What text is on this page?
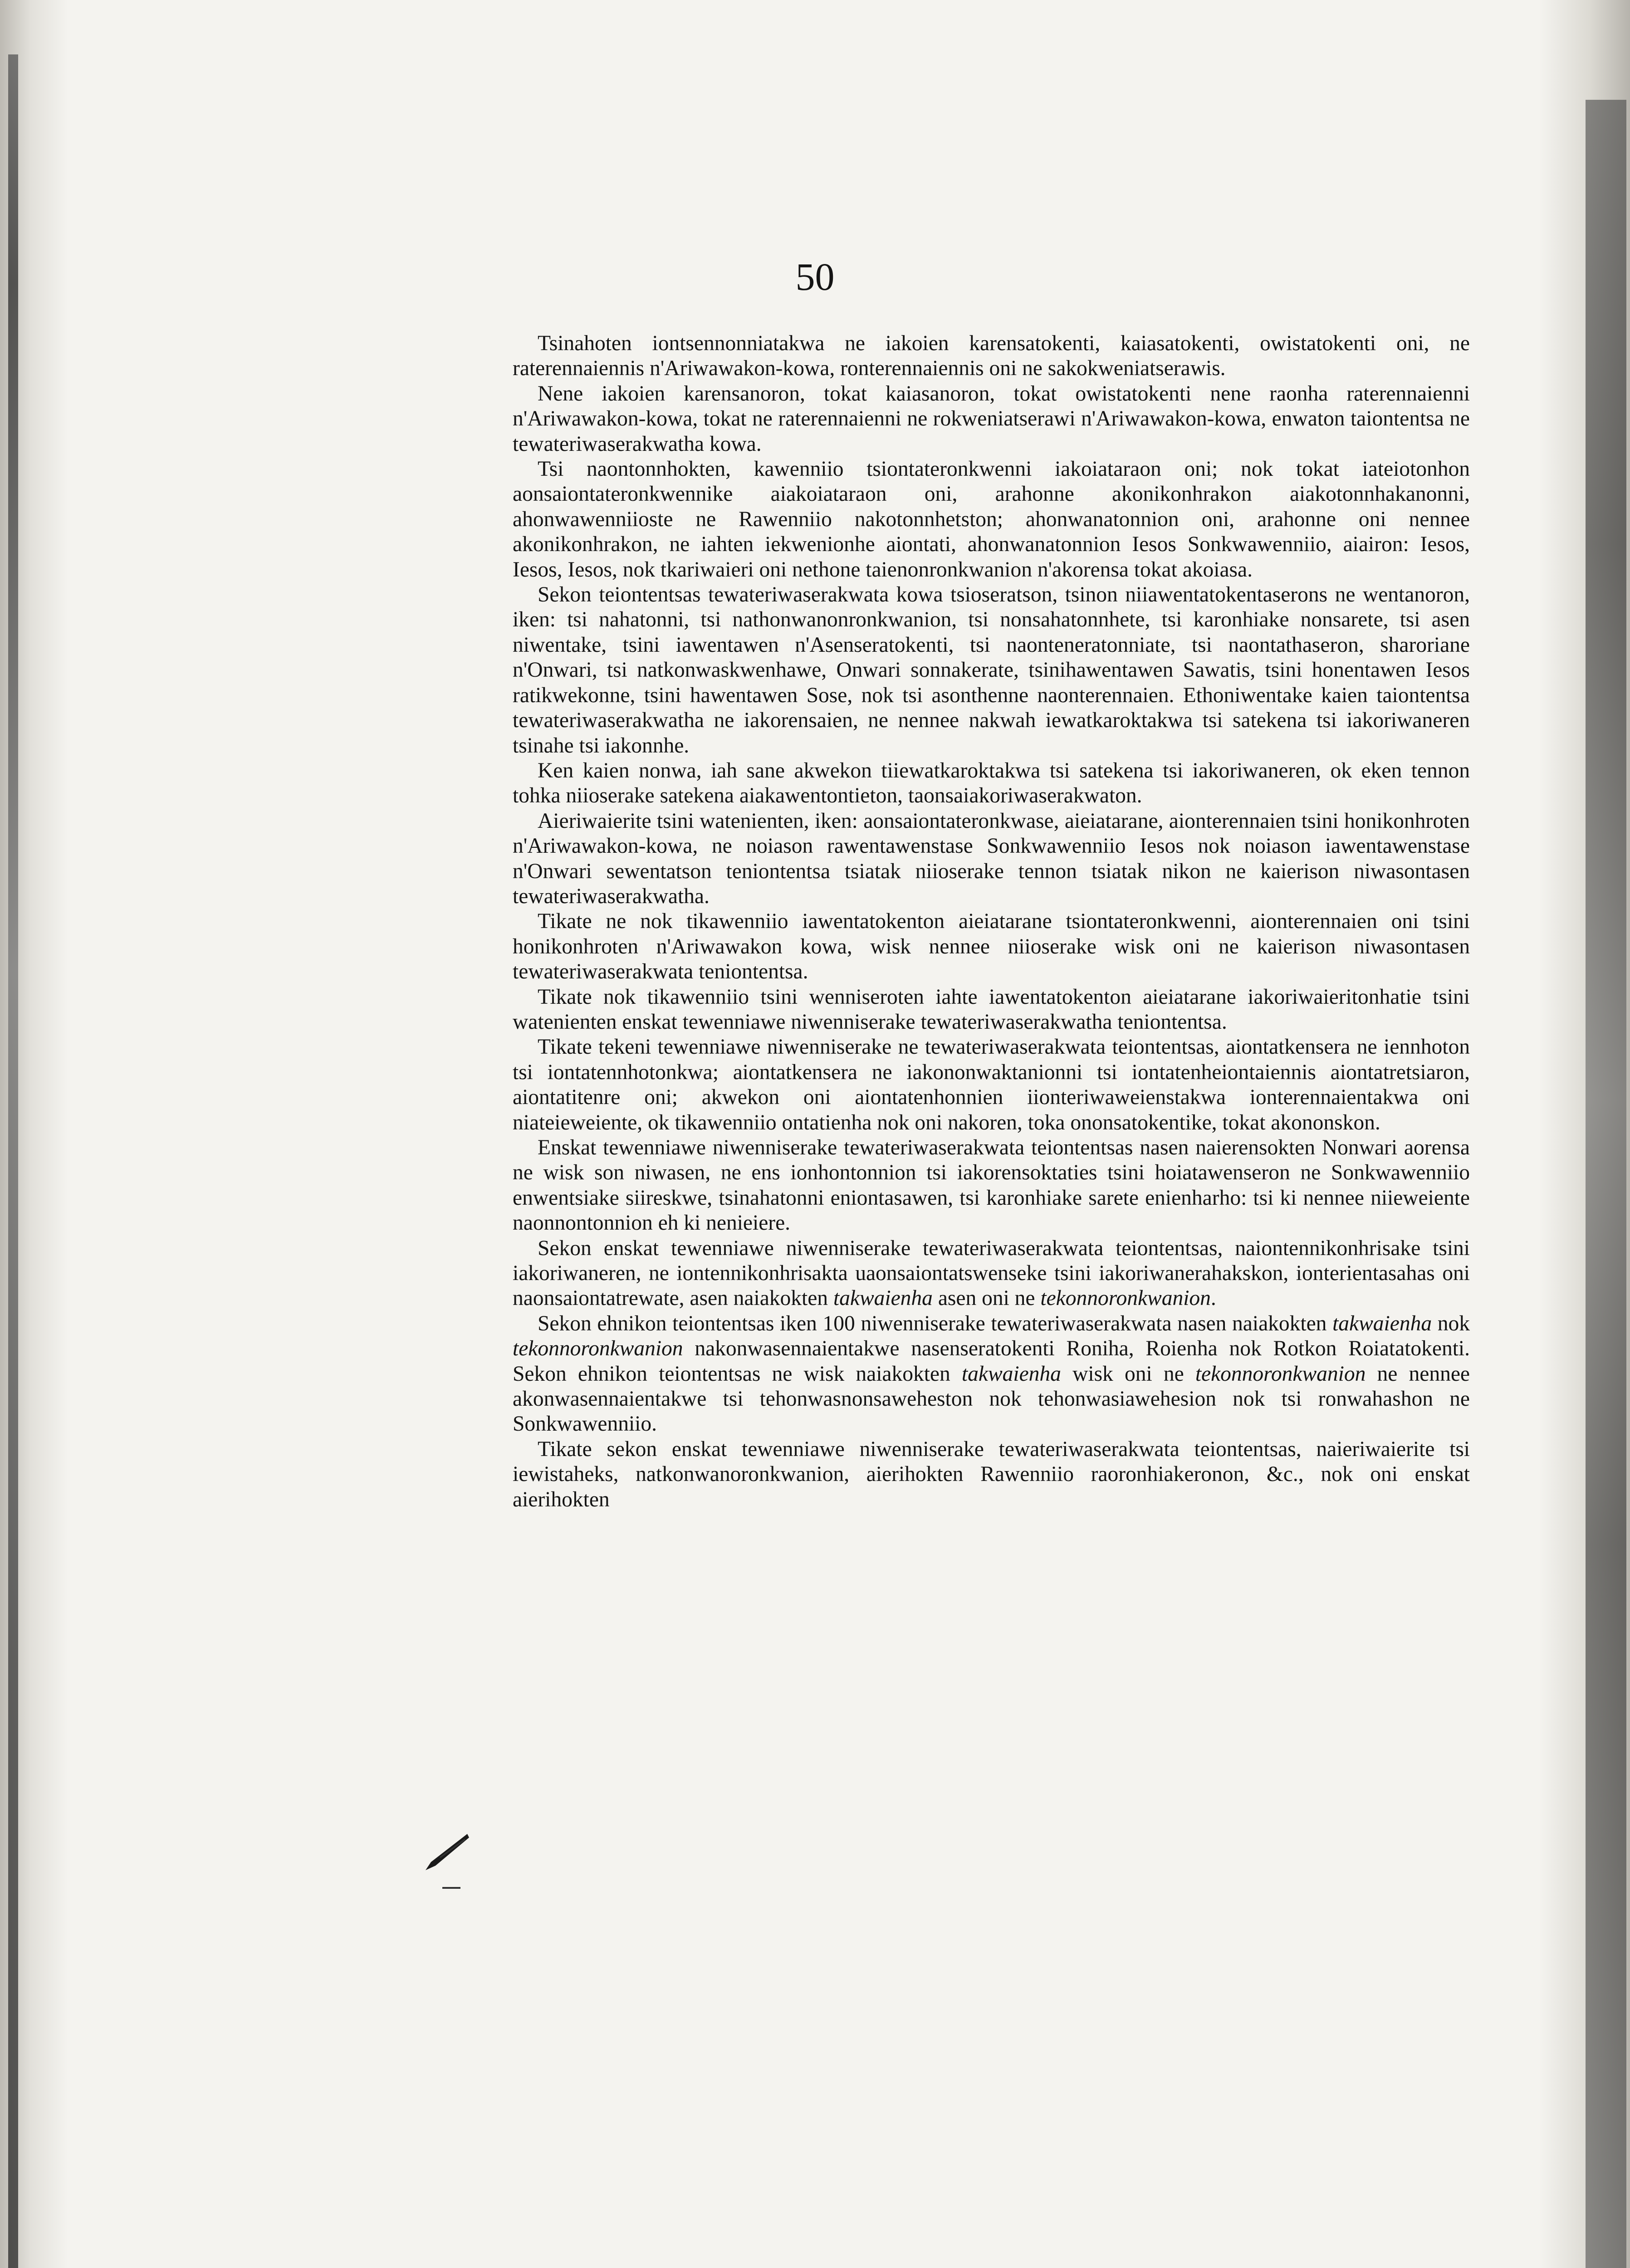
50

Tsinahoten iontsennonniatakwa ne iakoien karensatokenti, kaiasatokenti, owistatokenti oni, ne raterennaiennis n'Ariwawakon-kowa, ronterennaiennis oni ne sakokweniatserawis.

Nene iakoien karensanoron, tokat kaiasanoron, tokat owistatokenti nene raonha raterennaienni n'Ariwawakon-kowa, tokat ne raterennaienni ne rokweniatserawi n'Ariwawakon-kowa, enwaton taiontentsa ne tewateriwaserakwatha kowa.

Tsi naontonnhokten, kawenniio tsiontateronkwenni iakoiataraon oni; nok tokat iateiotonhon aonsaiontateronkwennike aiakoiataraon oni, arahonne akonikonhrakon aiakotonnhakanonni, ahonwawenniioste ne Rawenniio nakotonnhetston; ahonwanatonnion oni, arahonne oni nennee akonikonhrakon, ne iahten iekwenionhe aiontati, ahonwanatonnion Iesos Sonkwawenniio, aiairon: Iesos, Iesos, Iesos, nok tkariwaieri oni nethone taienonronkwanion n'akorensa tokat akoiasa.

Sekon teiontentsas tewateriwaserakwata kowa tsioseratson, tsinon niiawentatokentaserons ne wentanoron, iken: tsi nahatonni, tsi nathonwanonronkwanion, tsi nonsahatonnhete, tsi karonhiake nonsarete, tsi asen niwentake, tsini iawentawen n'Asenseratokenti, tsi naonteneratonniate, tsi naontathaseron, sharoriane n'Onwari, tsi natkonwaskwenhawe, Onwari sonnakerate, tsinihawentawen Sawatis, tsini honentawen Iesos ratikwekonne, tsini hawentawen Sose, nok tsi asonthenne naonterennaien. Ethoniwentake kaien taiontentsa tewateriwaserakwatha ne iakorensaien, ne nennee nakwah iewatkaroktakwa tsi satekena tsi iakoriwaneren tsinahe tsi iakonnhe.

Ken kaien nonwa, iah sane akwekon tiiewatkaroktakwa tsi satekena tsi iakoriwaneren, ok eken tennon tohka niioserake satekena aiakawentontieton, taonsaiakoriwaserakwaton.

Aieriwaierite tsini watenienten, iken: aonsaiontateronkwase, aieiatarane, aionterennaien tsini honikonhroten n'Ariwawakon-kowa, ne noiason rawentawenstase Sonkwawenniio Iesos nok noiason iawentawenstase n'Onwari sewentatson teniontentsa tsiatak niioserake tennon tsiatak nikon ne kaierison niwasontasen tewateriwaserakwatha.

Tikate ne nok tikawenniio iawentatokenton aieiatarane tsiontateronkwenni, aionterennaien oni tsini honikonhroten n'Ariwawakon kowa, wisk nennee niioserake wisk oni ne kaierison niwasontasen tewateriwaserakwata teniontentsa.

Tikate nok tikawenniio tsini wenniseroten iahte iawentatokenton aieiatarane iakoriwaieritonhatie tsini watenienten enskat tewenniawe niwenniserake tewateriwaserakwatha teniontentsa.

Tikate tekeni tewenniawe niwenniserake ne tewateriwaserakwata teiontentsas, aiontatkensera ne iennhoton tsi iontatennhotonkwa; aiontatkensera ne iakononwaktanionni tsi iontatenheiontaiennis aiontatretsiaron, aiontatitenre oni; akwekon oni aiontatenhonnien iionteriwaweienstakwa ionterennaientakwa oni niateieweiente, ok tikawenniio ontatienha nok oni nakoren, toka ononsatokentike, tokat akononskon.

Enskat tewenniawe niwenniserake tewateriwaserakwata teiontentsas nasen naierensokten Nonwari aorensa ne wisk son niwasen, ne ens ionhontonnion tsi iakorensoktaties tsini hoiatawenseron ne Sonkwawenniio enwentsiake siireskwe, tsinahatonni eniontasawen, tsi karonhiake sarete enienharho: tsi ki nennee niieweiente naonnontonnion eh ki nenieiere.

Sekon enskat tewenniawe niwenniserake tewateriwaserakwata teiontentsas, naiontennikonhrisake tsini iakoriwaneren, ne iontennikonhrisakta uaonsaiontatswenseke tsini iakoriwanerahakskon, ionterientasahas oni naonsaiontatrewate, asen naiakokten takwaienha asen oni ne tekonnoronkwanion.

Sekon ehnikon teiontentsas iken 100 niwenniserake tewateriwaserakwata nasen naiakokten takwaienha nok tekonnoronkwanion nakonwasennaientakwe nasenseratokenti Roniha, Roienha nok Rotkon Roiatatokenti. Sekon ehnikon teiontentsas ne wisk naiakokten takwaienha wisk oni ne tekonnoronkwanion ne nennee akonwasennaientakwe tsi tehonwasnonsaweheston nok tehonwasiawehesion nok tsi ronwahashon ne Sonkwawenniio.

Tikate sekon enskat tewenniawe niwenniserake tewateriwaserakwata teiontentsas, naieriwaierite tsi iewistaheks, natkonwanoronkwanion, aierihokten Rawenniio raoronhiakeronon, &c., nok oni enskat aierihokten
